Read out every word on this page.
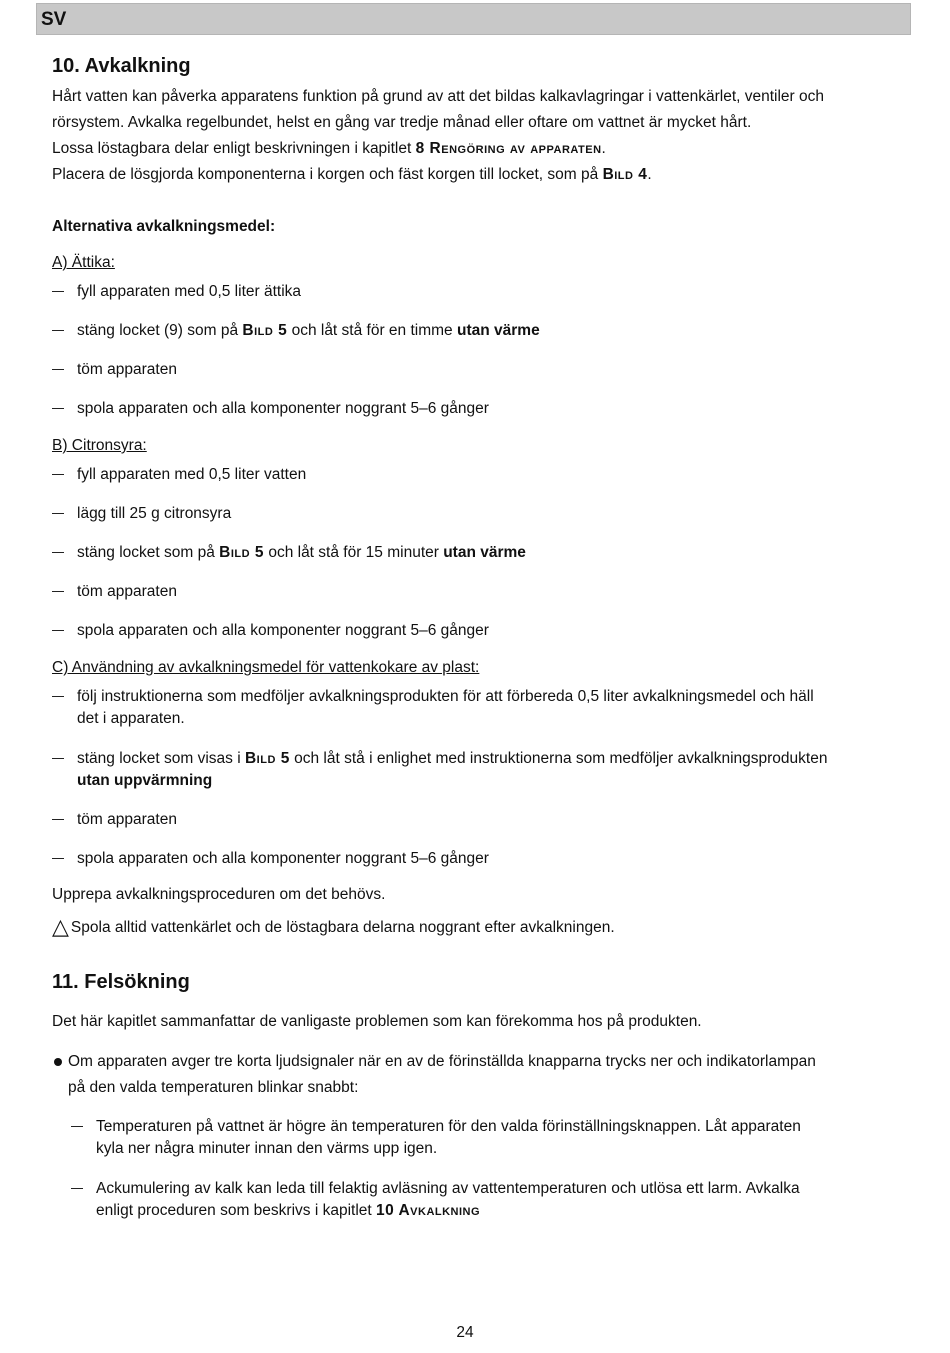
SV
10. Avkalkning
Hårt vatten kan påverka apparatens funktion på grund av att det bildas kalkavlagringar i vattenkärlet, ventiler och
rörsystem. Avkalka regelbundet, helst en gång var tredje månad eller oftare om vattnet är mycket hårt.
Lossa löstagbara delar enligt beskrivningen i kapitlet 8 Rengöring av apparaten.
Placera de lösgjorda komponenterna i korgen och fäst korgen till locket, som på Bild 4.
Alternativa avkalkningsmedel:
A) Ättika:
fyll apparaten med 0,5 liter ättika
stäng locket (9) som på Bild 5 och låt stå för en timme utan värme
töm apparaten
spola apparaten och alla komponenter noggrant 5–6 gånger
B) Citronsyra:
fyll apparaten med 0,5 liter vatten
lägg till 25 g citronsyra
stäng locket som på Bild 5 och låt stå för 15 minuter utan värme
töm apparaten
spola apparaten och alla komponenter noggrant 5–6 gånger
C) Användning av avkalkningsmedel för vattenkokare av plast:
följ instruktionerna som medföljer avkalkningsprodukten för att förbereda 0,5 liter avkalkningsmedel och häll
det i apparaten.
stäng locket som visas i Bild 5 och låt stå i enlighet med instruktionerna som medföljer avkalkningsprodukten
utan uppvärmning
töm apparaten
spola apparaten och alla komponenter noggrant 5–6 gånger
Upprepa avkalkningsproceduren om det behövs.
△ Spola alltid vattenkärlet och de löstagbara delarna noggrant efter avkalkningen.
11. Felsökning
Det här kapitlet sammanfattar de vanligaste problemen som kan förekomma hos på produkten.
Om apparaten avger tre korta ljudsignaler när en av de förinställda knapparna trycks ner och indikatorlampan
på den valda temperaturen blinkar snabbt:
Temperaturen på vattnet är högre än temperaturen för den valda förinställningsknappen. Låt apparaten
kyla ner några minuter innan den värms upp igen.
Ackumulering av kalk kan leda till felaktig avläsning av vattentemperaturen och utlösa ett larm. Avkalka
enligt proceduren som beskrivs i kapitlet 10 Avkalkning
24
